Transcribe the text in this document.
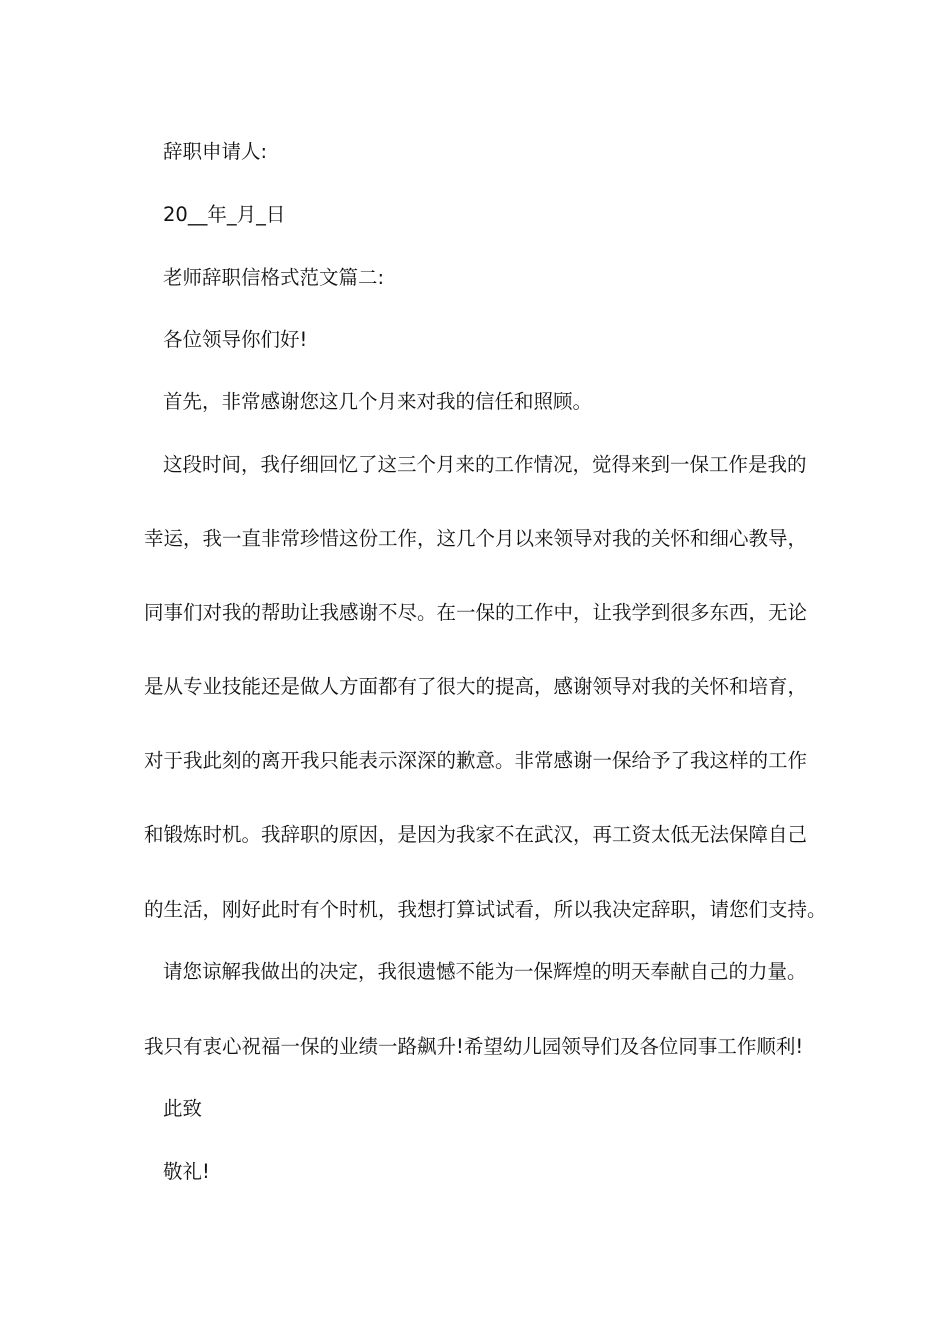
辞职申请人:
20__年_月_日
老师辞职信格式范文篇二:
各位领导你们好!
首先，非常感谢您这几个月来对我的信任和照顾。
这段时间，我仔细回忆了这三个月来的工作情况，觉得来到一保工作是我的
幸运，我一直非常珍惜这份工作，这几个月以来领导对我的关怀和细心教导，
同事们对我的帮助让我感谢不尽。在一保的工作中，让我学到很多东西，无论
是从专业技能还是做人方面都有了很大的提高，感谢领导对我的关怀和培育，
对于我此刻的离开我只能表示深深的歉意。非常感谢一保给予了我这样的工作
和锻炼时机。我辞职的原因，是因为我家不在武汉，再工资太低无法保障自己
的生活，刚好此时有个时机，我想打算试试看，所以我决定辞职，请您们支持。
请您谅解我做出的决定，我很遗憾不能为一保辉煌的明天奉献自己的力量。
我只有衷心祝福一保的业绩一路飙升!希望幼儿园领导们及各位同事工作顺利!
此致
敬礼!
